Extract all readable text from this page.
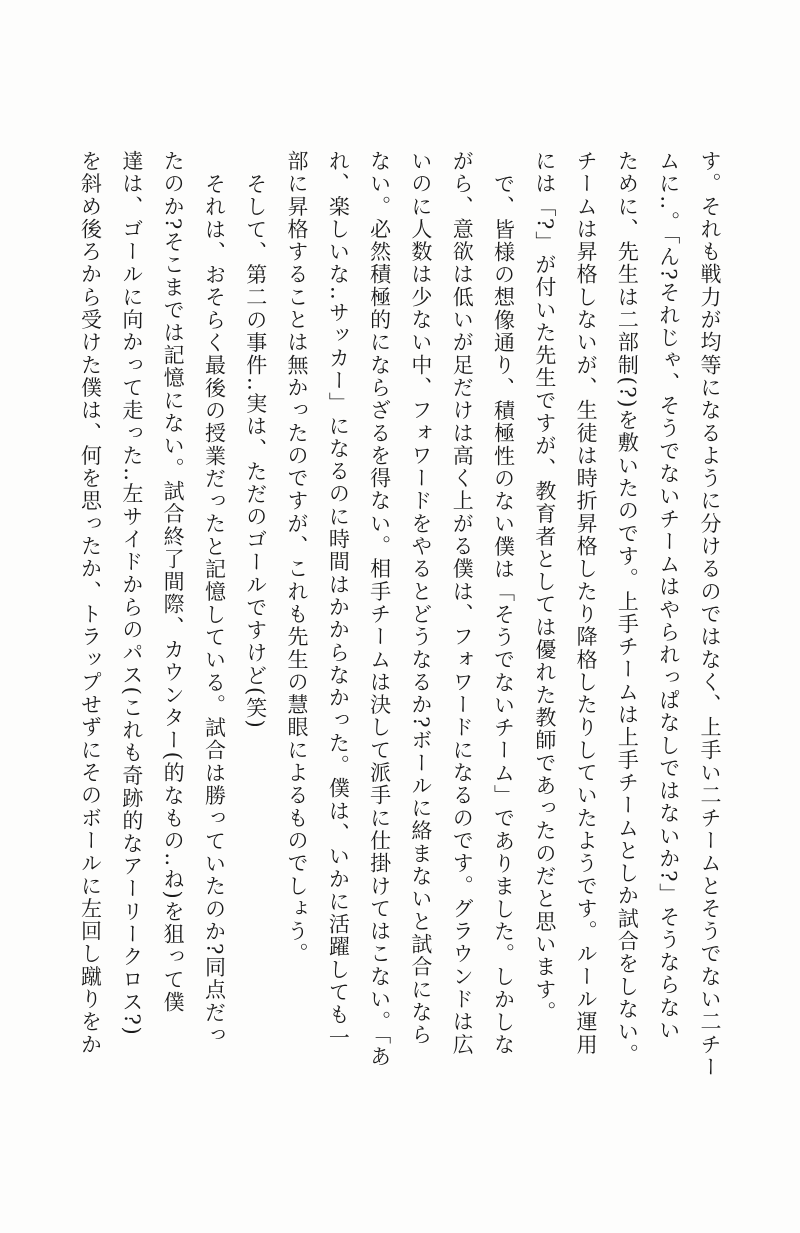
す。それも戦力が均等になるように分けるのではなく、上手い二チームとそうでない二チー
ムに‥。「ん?それじゃ、そうでないチームはやられっぱなしではないか?」そうならない
ために、先生は二部制(?)を敷いたのです。上手チームは上手チームとしか試合をしない。
チームは昇格しないが、生徒は時折昇格したり降格したりしていたようです。ルール運用
には「?」が付いた先生ですが、教育者としては優れた教師であったのだと思います。
で、皆様の想像通り、積極性のない僕は「そうでないチーム」でありました。しかしな
がら、意欲は低いが足だけは高く上がる僕は、フォワードになるのです。グラウンドは広
いのに人数は少ない中、フォワードをやるとどうなるか?ボールに絡まないと試合になら
ない。必然積極的にならざるを得ない。相手チームは決して派手に仕掛けてはこない。「あ
れ、楽しいな‥サッカー」になるのに時間はかからなかった。僕は、いかに活躍しても一
部に昇格することは無かったのですが、これも先生の慧眼によるものでしょう。
そして、第二の事件‥実は、ただのゴールですけど(笑)
それは、おそらく最後の授業だったと記憶している。試合は勝っていたのか?同点だっ
たのか?そこまでは記憶にない。試合終了間際、カウンター(的なもの‥ね)を狙って僕
達は、ゴールに向かって走った‥左サイドからのパス(これも奇跡的なアーリークロス?)
を斜め後ろから受けた僕は、何を思ったか、トラップせずにそのボールに左回し蹴りをか
